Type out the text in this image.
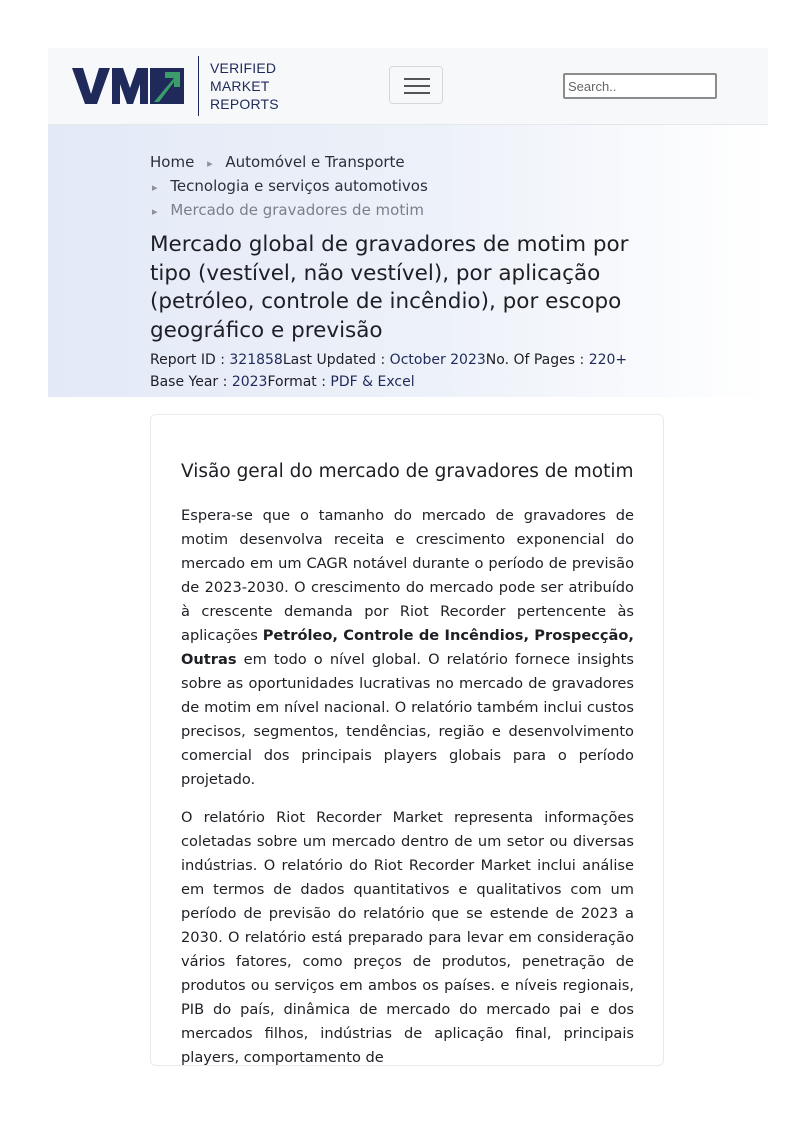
VERIFIED
MARKET
REPORTS
Search..
Home ▸ Automóvel e Transporte
▸ Tecnologia e serviços automotivos
▸ Mercado de gravadores de motim
Mercado global de gravadores de motim por tipo (vestível, não vestível), por aplicação (petróleo, controle de incêndio), por escopo geográfico e previsão
Report ID : 321858Last Updated : October 2023No. Of Pages : 220+
Base Year : 2023Format : PDF & Excel
Visão geral do mercado de gravadores de motim

Espera-se que o tamanho do mercado de gravadores de motim desenvolva receita e crescimento exponencial do mercado em um CAGR notável durante o período de previsão de 2023-2030. O crescimento do mercado pode ser atribuído à crescente demanda por Riot Recorder pertencente às aplicações Petróleo, Controle de Incêndios, Prospecção, Outras em todo o nível global. O relatório fornece insights sobre as oportunidades lucrativas no mercado de gravadores de motim em nível nacional. O relatório também inclui custos precisos, segmentos, tendências, região e desenvolvimento comercial dos principais players globais para o período projetado.

O relatório Riot Recorder Market representa informações coletadas sobre um mercado dentro de um setor ou diversas indústrias. O relatório do Riot Recorder Market inclui análise em termos de dados quantitativos e qualitativos com um período de previsão do relatório que se estende de 2023 a 2030. O relatório está preparado para levar em consideração vários fatores, como preços de produtos, penetração de produtos ou serviços em ambos os países. e níveis regionais, PIB do país, dinâmica de mercado do mercado pai e dos mercados filhos, indústrias de aplicação final, principais players, comportamento de
